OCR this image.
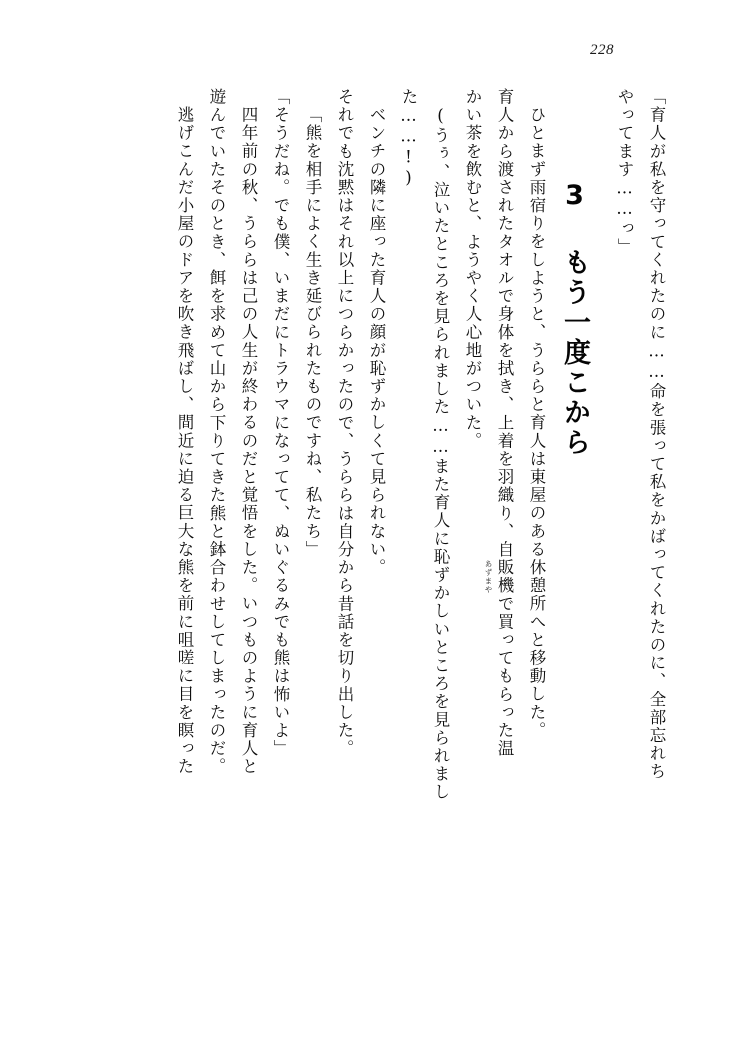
228
「育人が私を守ってくれたのに……命を張って私をかばってくれたのに、全部忘れち
やってます……っ」
3 もう一度こから
ひとまず雨宿りをしようと、うららと育人は東屋のある休憩所へと移動した。
育人から渡されたタオルで身体を拭き、上着を羽織り、自販機で買ってもらった温
かい茶を飲むと、ようやく人心地がついた。
(うぅ、泣いたところを見られました……また育人に恥ずかしいところを見られまし
た……!)
ベンチの隣に座った育人の顔が恥ずかしくて見られない。
それでも沈黙はそれ以上につらかったので、うららは自分から昔話を切り出した。
「熊を相手によく生き延びられたものですね、私たち」
「そうだね。でも僕、いまだにトラウマになってて、ぬいぐるみでも熊は怖いよ」
四年前の秋、うららは己の人生が終わるのだと覚悟をした。いつものように育人と
遊んでいたそのとき、餌を求めて山から下りてきた熊と鉢合わせしてしまったのだ。
逃げこんだ小屋のドアを吹き飛ばし、間近に迫る巨大な熊を前に咀嗟に目を瞑った	あずまや
